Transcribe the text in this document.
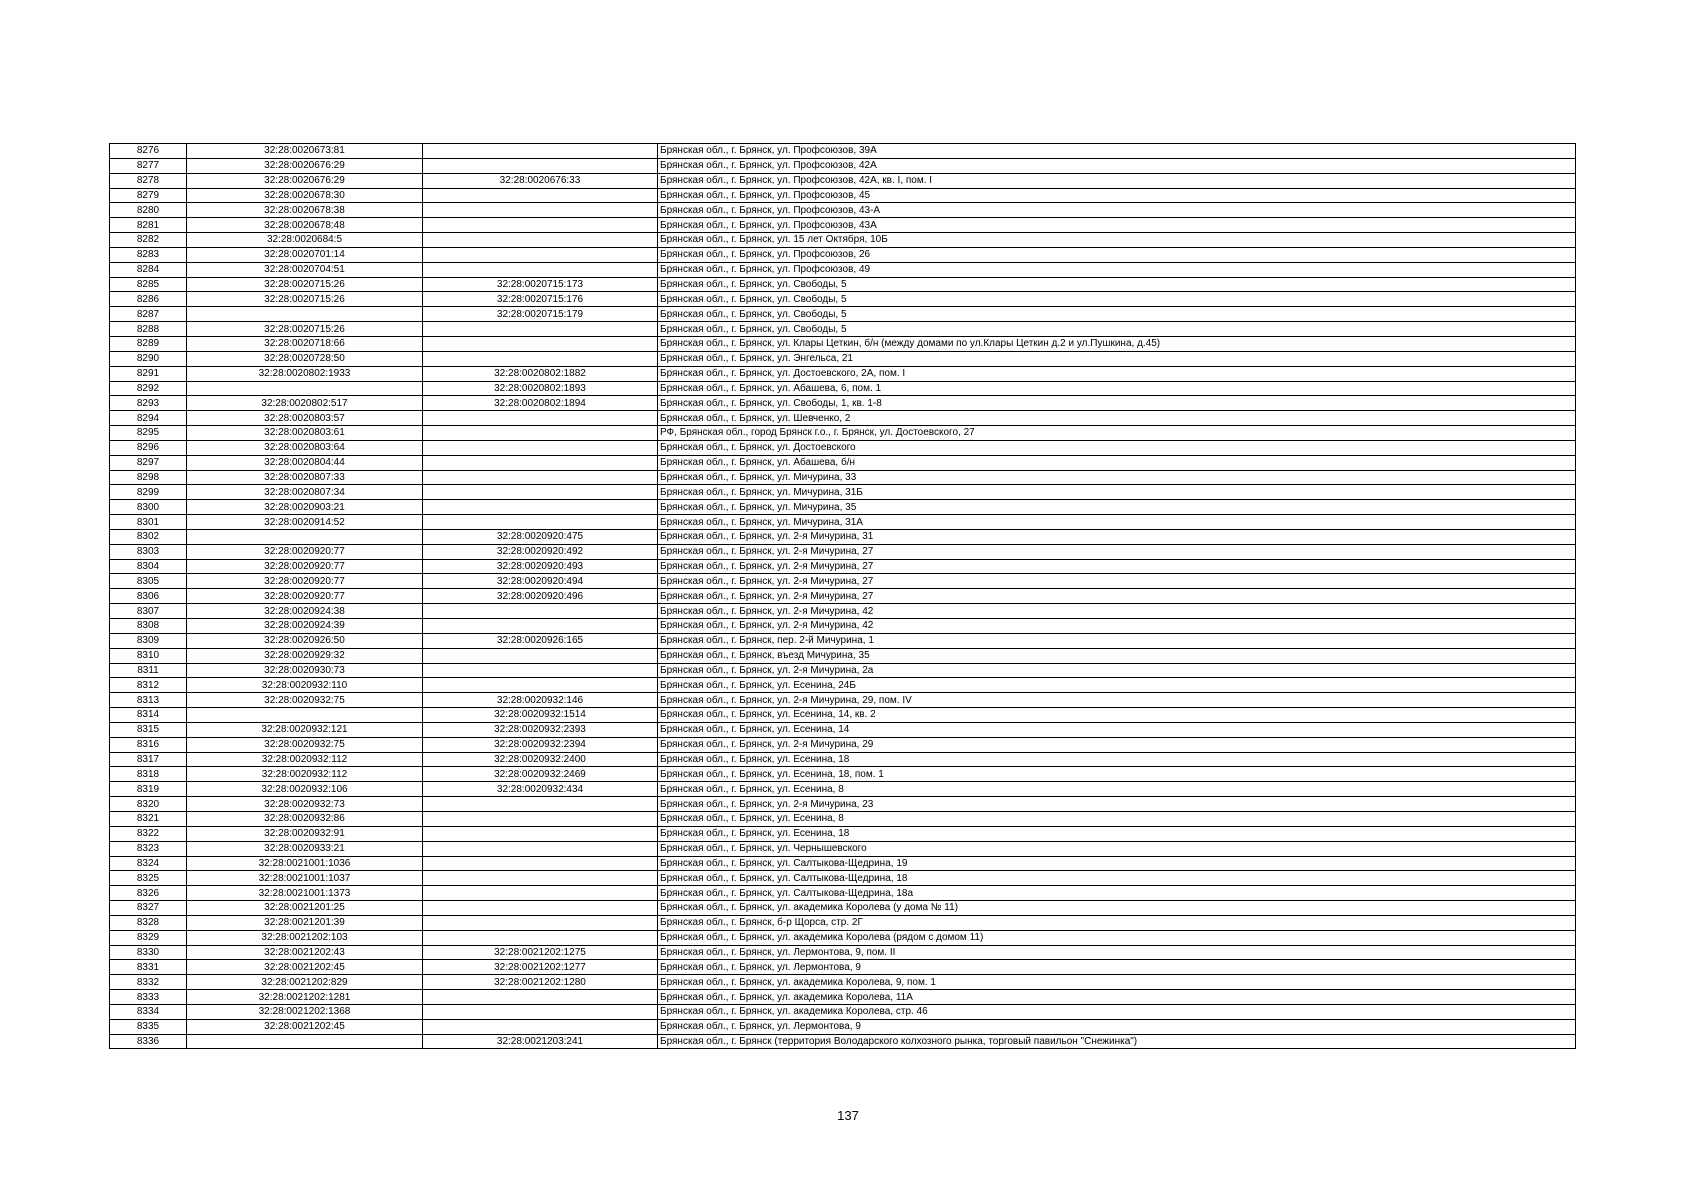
8276	32:28:0020673:81		Брянская обл., г. Брянск, ул. Профсоюзов, 39А
8277	32:28:0020676:29		Брянская обл., г. Брянск, ул. Профсоюзов, 42А
8278	32:28:0020676:29	32:28:0020676:33	Брянская обл., г. Брянск, ул. Профсоюзов, 42А, кв. I, пом. I
8279	32:28:0020678:30		Брянская обл., г. Брянск, ул. Профсоюзов, 45
8280	32:28:0020678:38		Брянская обл., г. Брянск, ул. Профсоюзов, 43-А
8281	32:28:0020678:48		Брянская обл., г. Брянск, ул. Профсоюзов, 43А
8282	32:28:0020684:5		Брянская обл., г. Брянск, ул. 15 лет Октября, 10Б
8283	32:28:0020701:14		Брянская обл., г. Брянск, ул. Профсоюзов, 26
8284	32:28:0020704:51		Брянская обл., г. Брянск, ул. Профсоюзов, 49
8285	32:28:0020715:26	32:28:0020715:173	Брянская обл., г. Брянск, ул. Свободы, 5
8286	32:28:0020715:26	32:28:0020715:176	Брянская обл., г. Брянск, ул. Свободы, 5
8287		32:28:0020715:179	Брянская обл., г. Брянск, ул. Свободы, 5
8288	32:28:0020715:26		Брянская обл., г. Брянск, ул. Свободы, 5
8289	32:28:0020718:66		Брянская обл., г. Брянск, ул. Клары Цеткин, б/н (между домами по ул.Клары Цеткин д.2 и ул.Пушкина, д.45)
8290	32:28:0020728:50		Брянская обл., г. Брянск, ул. Энгельса, 21
8291	32:28:0020802:1933	32:28:0020802:1882	Брянская обл., г. Брянск, ул. Достоевского, 2А, пом. I
8292		32:28:0020802:1893	Брянская обл., г. Брянск, ул. Абашева, 6, пом. 1
8293	32:28:0020802:517	32:28:0020802:1894	Брянская обл., г. Брянск, ул. Свободы, 1, кв. 1-8
8294	32:28:0020803:57		Брянская обл., г. Брянск, ул. Шевченко, 2
8295	32:28:0020803:61		РФ, Брянская обл., город Брянск г.о., г. Брянск, ул. Достоевского, 27
8296	32:28:0020803:64		Брянская обл., г. Брянск, ул. Достоевского
8297	32:28:0020804:44		Брянская обл., г. Брянск, ул. Абашева, б/н
8298	32:28:0020807:33		Брянская обл., г. Брянск, ул. Мичурина, 33
8299	32:28:0020807:34		Брянская обл., г. Брянск, ул. Мичурина, 31Б
8300	32:28:0020903:21		Брянская обл., г. Брянск, ул. Мичурина, 35
8301	32:28:0020914:52		Брянская обл., г. Брянск, ул. Мичурина, 31А
8302		32:28:0020920:475	Брянская обл., г. Брянск, ул. 2-я Мичурина, 31
8303	32:28:0020920:77	32:28:0020920:492	Брянская обл., г. Брянск, ул. 2-я Мичурина, 27
8304	32:28:0020920:77	32:28:0020920:493	Брянская обл., г. Брянск, ул. 2-я Мичурина, 27
8305	32:28:0020920:77	32:28:0020920:494	Брянская обл., г. Брянск, ул. 2-я Мичурина, 27
8306	32:28:0020920:77	32:28:0020920:496	Брянская обл., г. Брянск, ул. 2-я Мичурина, 27
8307	32:28:0020924:38		Брянская обл., г. Брянск, ул. 2-я Мичурина, 42
8308	32:28:0020924:39		Брянская обл., г. Брянск, ул. 2-я Мичурина, 42
8309	32:28:0020926:50	32:28:0020926:165	Брянская обл., г. Брянск, пер. 2-й Мичурина, 1
8310	32:28:0020929:32		Брянская обл., г. Брянск, въезд Мичурина, 35
8311	32:28:0020930:73		Брянская обл., г. Брянск, ул. 2-я Мичурина, 2а
8312	32:28:0020932:110		Брянская обл., г. Брянск, ул. Есенина, 24Б
8313	32:28:0020932:75	32:28:0020932:146	Брянская обл., г. Брянск, ул. 2-я Мичурина, 29, пом. IV
8314		32:28:0020932:1514	Брянская обл., г. Брянск, ул. Есенина, 14, кв. 2
8315	32:28:0020932:121	32:28:0020932:2393	Брянская обл., г. Брянск, ул. Есенина, 14
8316	32:28:0020932:75	32:28:0020932:2394	Брянская обл., г. Брянск, ул. 2-я Мичурина, 29
8317	32:28:0020932:112	32:28:0020932:2400	Брянская обл., г. Брянск, ул. Есенина, 18
8318	32:28:0020932:112	32:28:0020932:2469	Брянская обл., г. Брянск, ул. Есенина, 18, пом. 1
8319	32:28:0020932:106	32:28:0020932:434	Брянская обл., г. Брянск, ул. Есенина, 8
8320	32:28:0020932:73		Брянская обл., г. Брянск, ул. 2-я Мичурина, 23
8321	32:28:0020932:86		Брянская обл., г. Брянск, ул. Есенина, 8
8322	32:28:0020932:91		Брянская обл., г. Брянск, ул. Есенина, 18
8323	32:28:0020933:21		Брянская обл., г. Брянск, ул. Чернышевского
8324	32:28:0021001:1036		Брянская обл., г. Брянск, ул. Салтыкова-Щедрина, 19
8325	32:28:0021001:1037		Брянская обл., г. Брянск, ул. Салтыкова-Щедрина, 18
8326	32:28:0021001:1373		Брянская обл., г. Брянск, ул. Салтыкова-Щедрина, 18а
8327	32:28:0021201:25		Брянская обл., г. Брянск, ул. академика Королева (у дома № 11)
8328	32:28:0021201:39		Брянская обл., г. Брянск, б-р Щорса, стр. 2Г
8329	32:28:0021202:103		Брянская обл., г. Брянск, ул. академика Королева (рядом с домом 11)
8330	32:28:0021202:43	32:28:0021202:1275	Брянская обл., г. Брянск, ул. Лермонтова, 9, пом. II
8331	32:28:0021202:45	32:28:0021202:1277	Брянская обл., г. Брянск, ул. Лермонтова, 9
8332	32:28:0021202:829	32:28:0021202:1280	Брянская обл., г. Брянск, ул. академика Королева, 9, пом. 1
8333	32:28:0021202:1281		Брянская обл., г. Брянск, ул. академика Королева, 11А
8334	32:28:0021202:1368		Брянская обл., г. Брянск, ул. академика Королева, стр. 46
8335	32:28:0021202:45		Брянская обл., г. Брянск, ул. Лермонтова, 9
8336		32:28:0021203:241	Брянская обл., г. Брянск (территория Володарского колхозного рынка, торговый павильон "Снежинка")
137
